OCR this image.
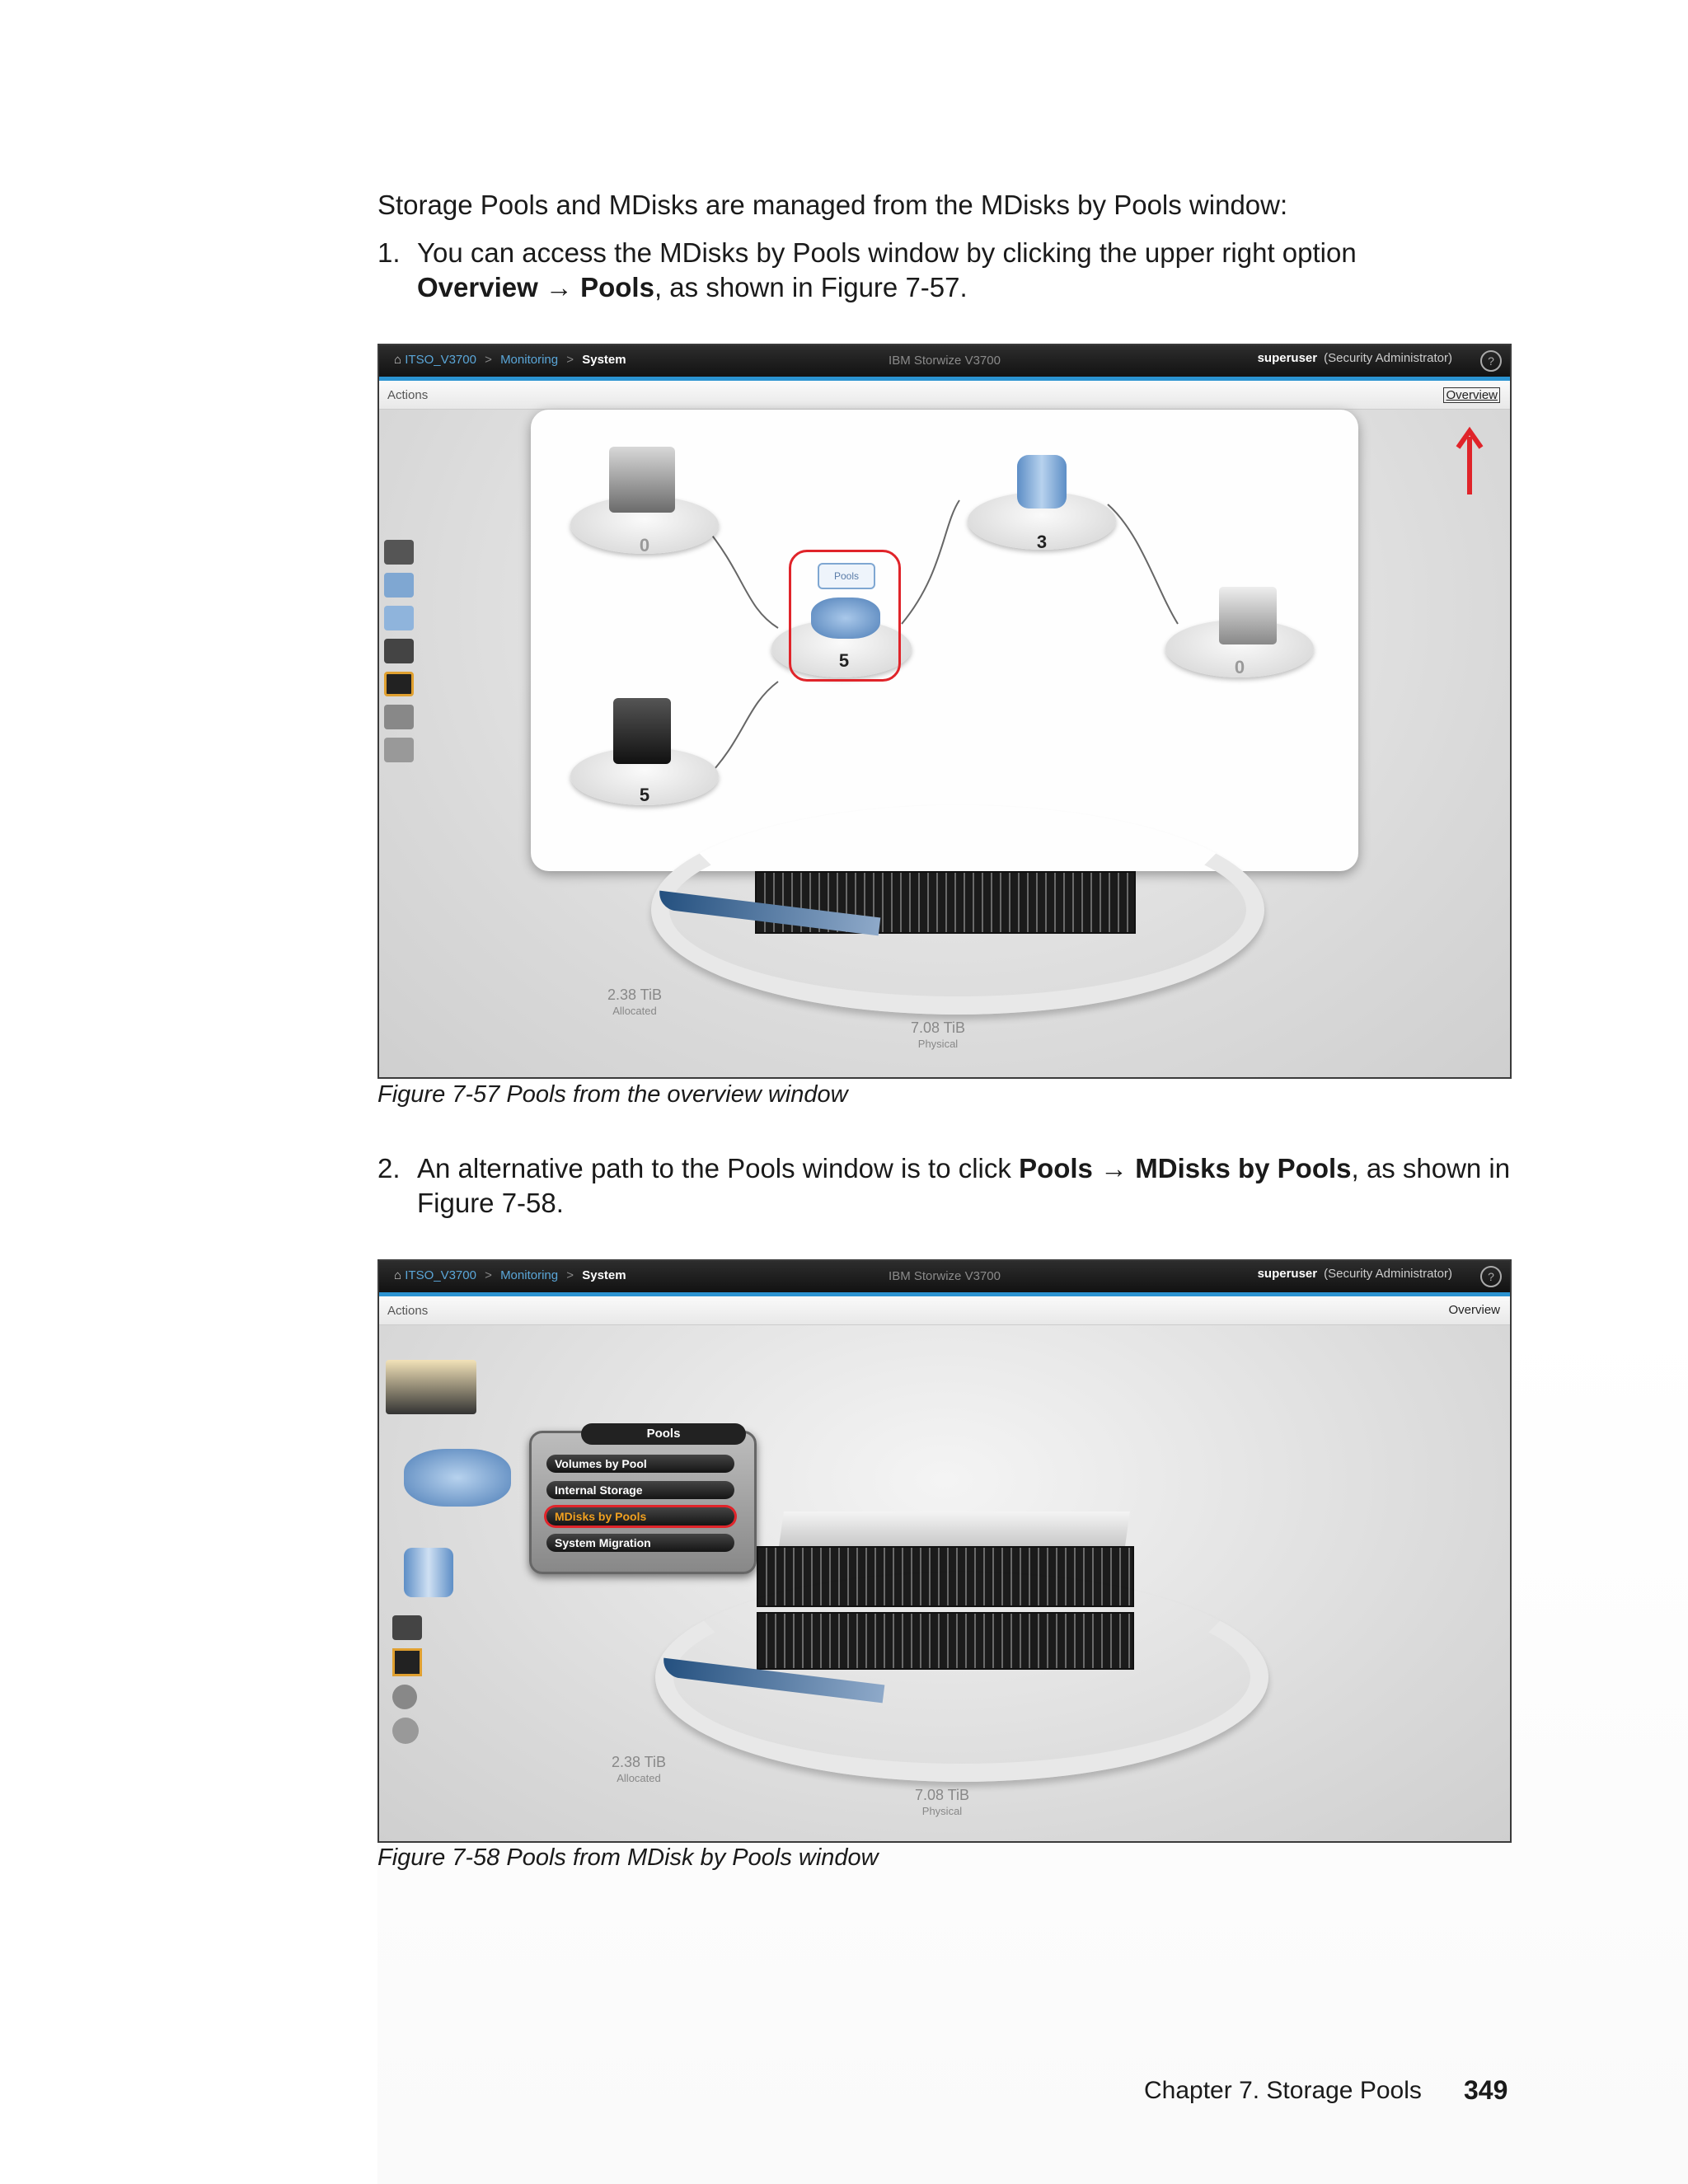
Storage Pools and MDisks are managed from the MDisks by Pools window:

1. You can access the MDisks by Pools window by clicking the upper right option
Overview → Pools, as shown in Figure 7-57.

⌂ ITSO_V3700 > Monitoring > System	IBM Storwize V3700	superuser (Security Administrator)	?
Actions	Overview
0
5
Pools
5
3
0
2.38 TiB
Allocated
7.08 TiB
Physical
Figure 7-57 Pools from the overview window
2. An alternative path to the Pools window is to click Pools → MDisks by Pools, as shown in
Figure 7-58.

⌂ ITSO_V3700 > Monitoring > System	IBM Storwize V3700	superuser (Security Administrator)	?
Actions	Overview
Pools
Volumes by Pool
Internal Storage
MDisks by Pools
System Migration
2.38 TiB
Allocated
7.08 TiB
Physical
Figure 7-58 Pools from MDisk by Pools window
Chapter 7. Storage Pools 349
